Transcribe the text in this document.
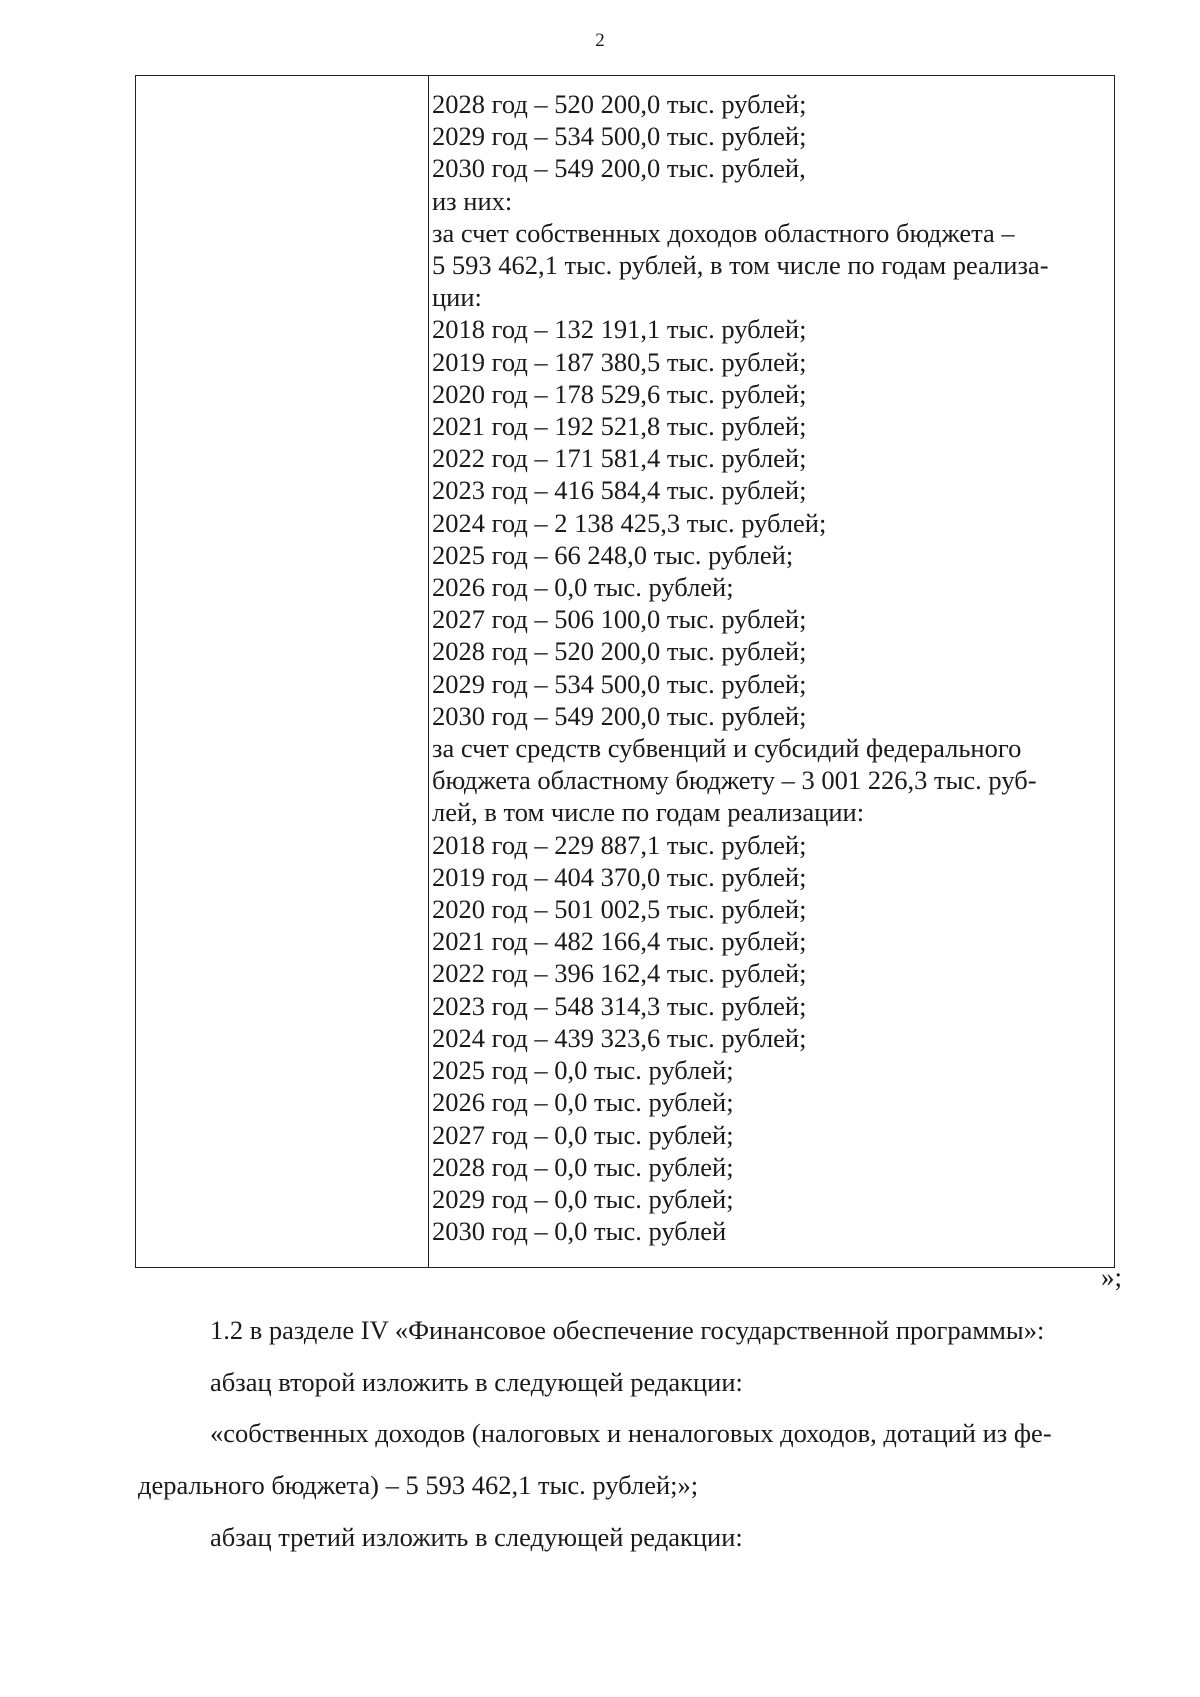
2
2028 год – 520 200,0 тыс. рублей;
2029 год – 534 500,0 тыс. рублей;
2030 год – 549 200,0 тыс. рублей,
из них:
за счет собственных доходов областного бюджета –
5 593 462,1 тыс. рублей, в том числе по годам реализа-
ции:
2018 год – 132 191,1 тыс. рублей;
2019 год – 187 380,5 тыс. рублей;
2020 год – 178 529,6 тыс. рублей;
2021 год – 192 521,8 тыс. рублей;
2022 год – 171 581,4 тыс. рублей;
2023 год – 416 584,4 тыс. рублей;
2024 год – 2 138 425,3 тыс. рублей;
2025 год – 66 248,0 тыс. рублей;
2026 год – 0,0 тыс. рублей;
2027 год – 506 100,0 тыс. рублей;
2028 год – 520 200,0 тыс. рублей;
2029 год – 534 500,0 тыс. рублей;
2030 год – 549 200,0 тыс. рублей;
за счет средств субвенций и субсидий федерального
бюджета областному бюджету – 3 001 226,3 тыс. руб-
лей, в том числе по годам реализации:
2018 год – 229 887,1 тыс. рублей;
2019 год – 404 370,0 тыс. рублей;
2020 год – 501 002,5 тыс. рублей;
2021 год – 482 166,4 тыс. рублей;
2022 год – 396 162,4 тыс. рублей;
2023 год – 548 314,3 тыс. рублей;
2024 год – 439 323,6 тыс. рублей;
2025 год – 0,0 тыс. рублей;
2026 год – 0,0 тыс. рублей;
2027 год – 0,0 тыс. рублей;
2028 год – 0,0 тыс. рублей;
2029 год – 0,0 тыс. рублей;
2030 год – 0,0 тыс. рублей
»;
1.2 в разделе IV «Финансовое обеспечение государственной программы»:
абзац второй изложить в следующей редакции:
«собственных доходов (налоговых и неналоговых доходов, дотаций из фе-
дерального бюджета) – 5 593 462,1 тыс. рублей;»;
абзац третий изложить в следующей редакции:
